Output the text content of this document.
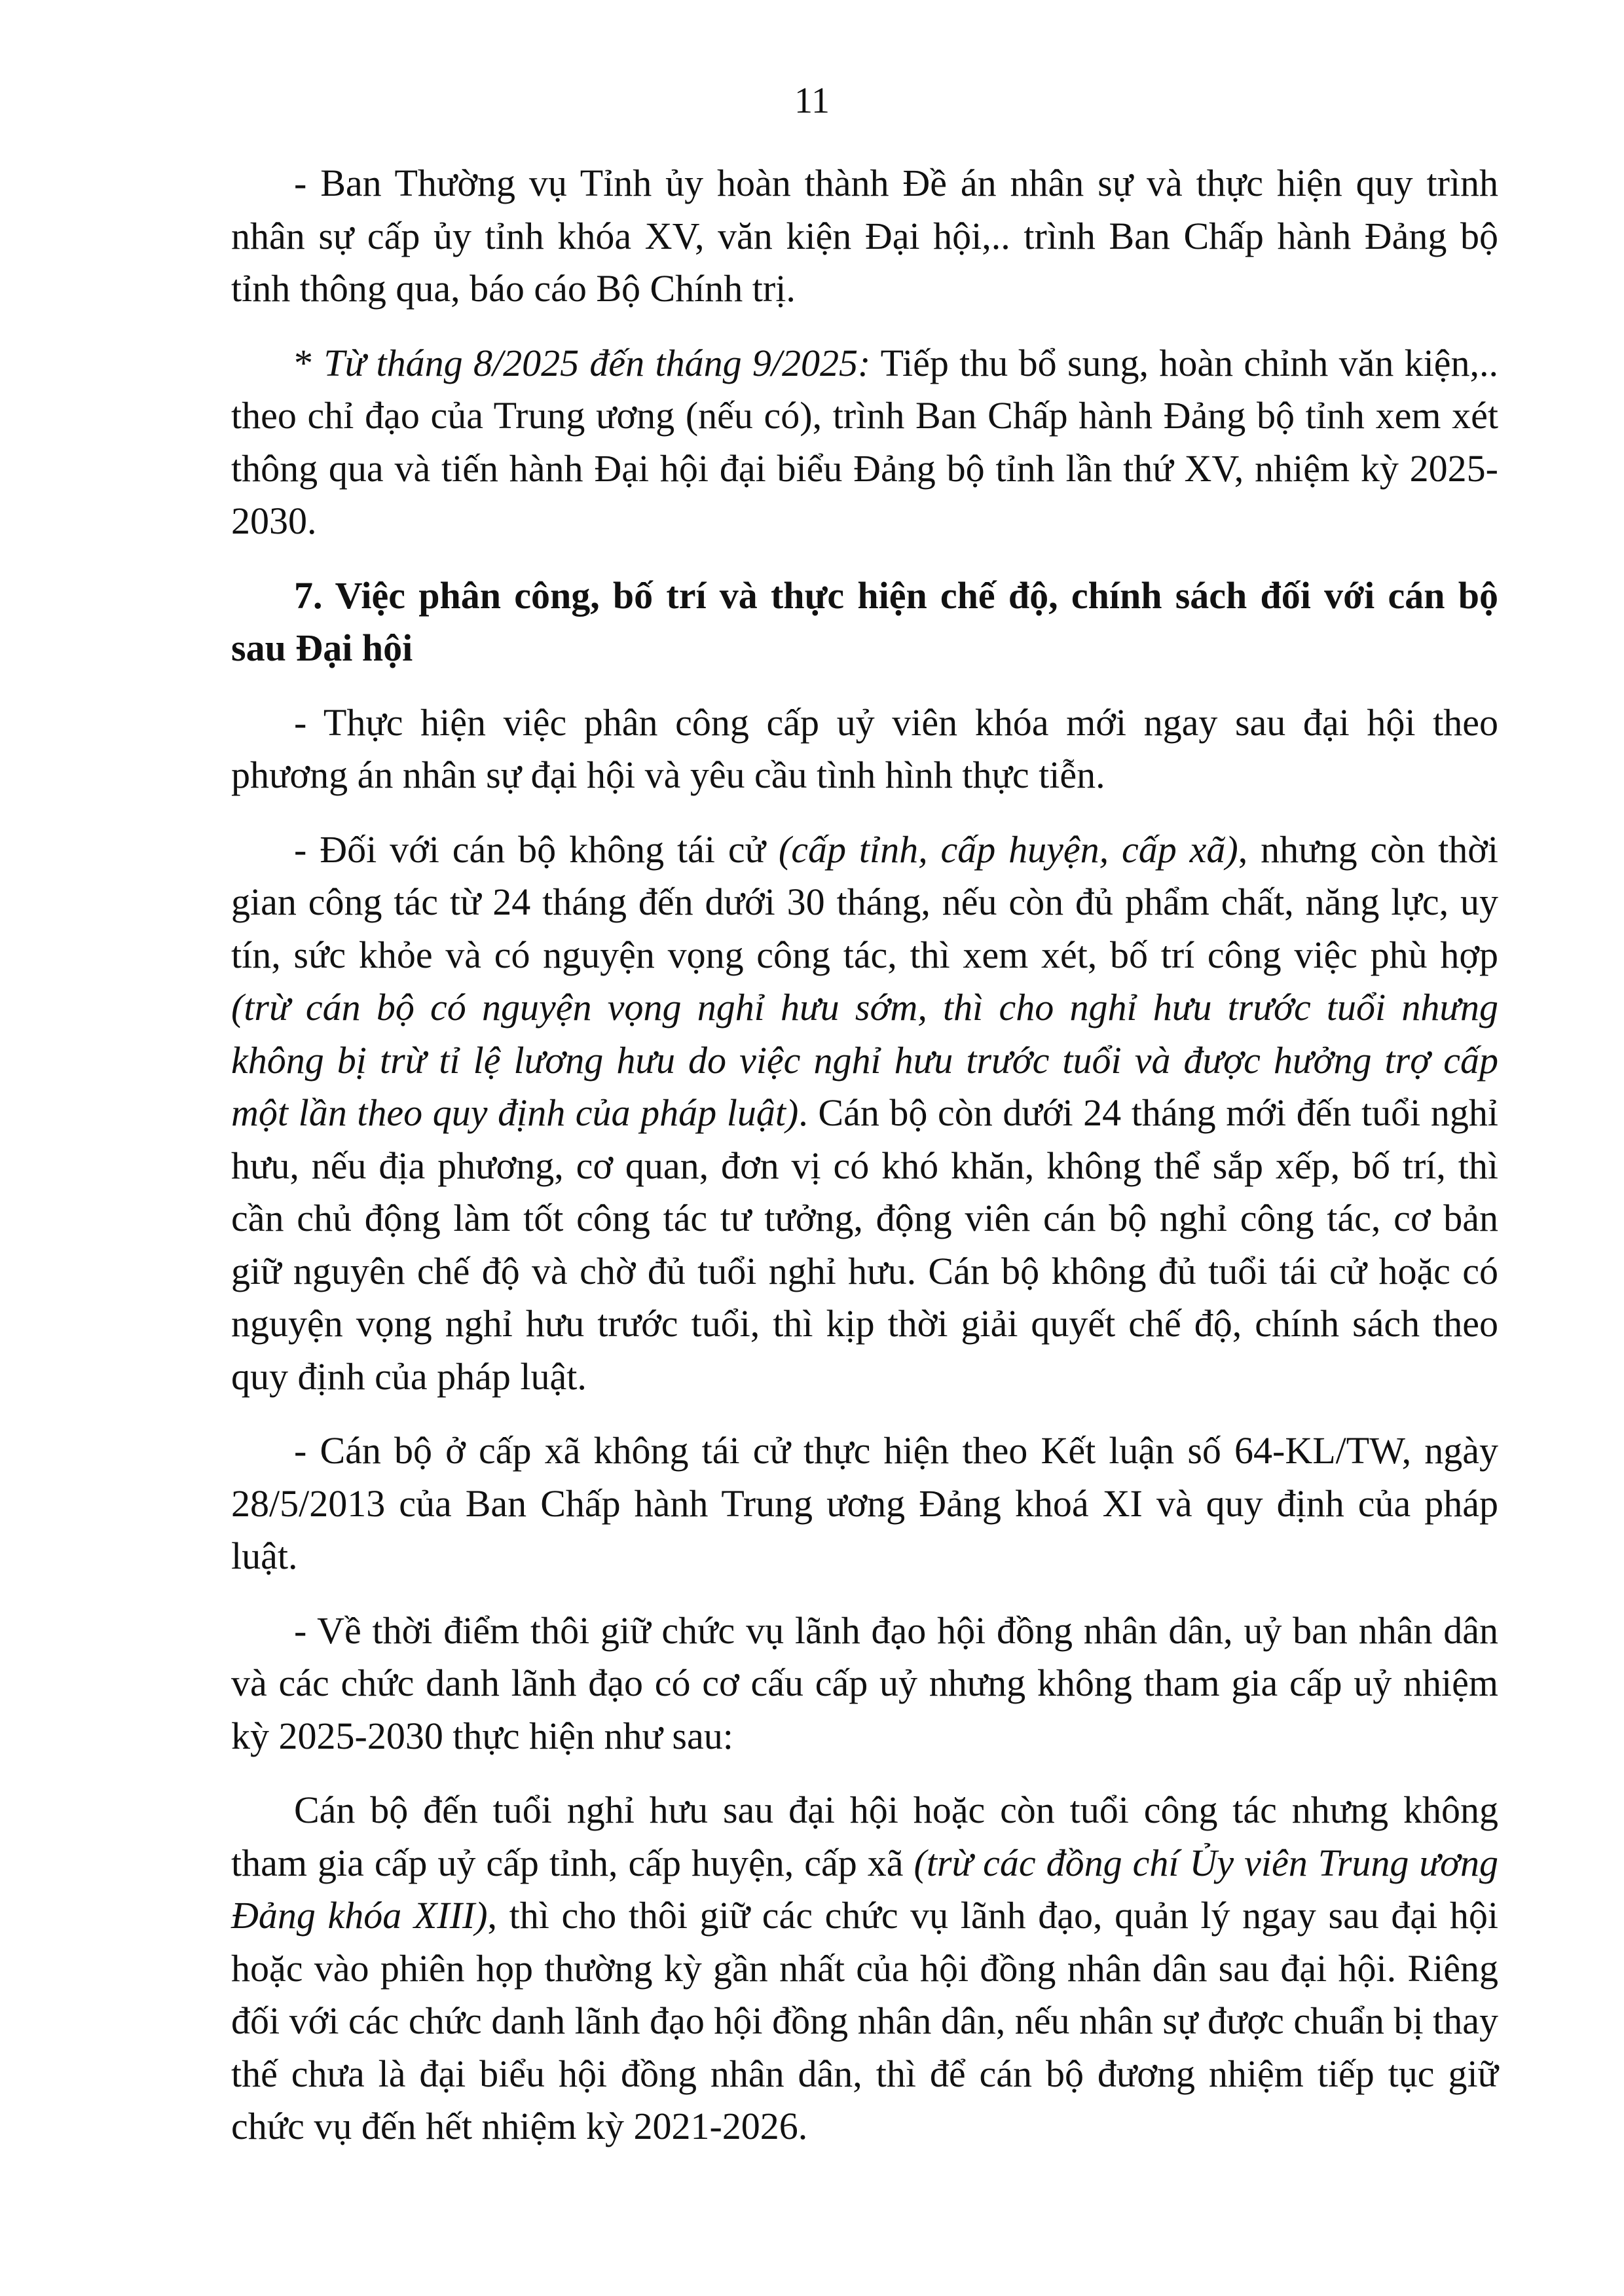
11

- Ban Thường vụ Tỉnh ủy hoàn thành Đề án nhân sự và thực hiện quy trình nhân sự cấp ủy tỉnh khóa XV, văn kiện Đại hội,.. trình Ban Chấp hành Đảng bộ tỉnh thông qua, báo cáo Bộ Chính trị.

* Từ tháng 8/2025 đến tháng 9/2025: Tiếp thu bổ sung, hoàn chỉnh văn kiện,.. theo chỉ đạo của Trung ương (nếu có), trình Ban Chấp hành Đảng bộ tỉnh xem xét thông qua và tiến hành Đại hội đại biểu Đảng bộ tỉnh lần thứ XV, nhiệm kỳ 2025-2030.

7. Việc phân công, bố trí và thực hiện chế độ, chính sách đối với cán bộ sau Đại hội

- Thực hiện việc phân công cấp uỷ viên khóa mới ngay sau đại hội theo phương án nhân sự đại hội và yêu cầu tình hình thực tiễn.

- Đối với cán bộ không tái cử (cấp tỉnh, cấp huyện, cấp xã), nhưng còn thời gian công tác từ 24 tháng đến dưới 30 tháng, nếu còn đủ phẩm chất, năng lực, uy tín, sức khỏe và có nguyện vọng công tác, thì xem xét, bố trí công việc phù hợp (trừ cán bộ có nguyện vọng nghỉ hưu sớm, thì cho nghỉ hưu trước tuổi nhưng không bị trừ tỉ lệ lương hưu do việc nghỉ hưu trước tuổi và được hưởng trợ cấp một lần theo quy định của pháp luật). Cán bộ còn dưới 24 tháng mới đến tuổi nghỉ hưu, nếu địa phương, cơ quan, đơn vị có khó khăn, không thể sắp xếp, bố trí, thì cần chủ động làm tốt công tác tư tưởng, động viên cán bộ nghỉ công tác, cơ bản giữ nguyên chế độ và chờ đủ tuổi nghỉ hưu. Cán bộ không đủ tuổi tái cử hoặc có nguyện vọng nghỉ hưu trước tuổi, thì kịp thời giải quyết chế độ, chính sách theo quy định của pháp luật.

- Cán bộ ở cấp xã không tái cử thực hiện theo Kết luận số 64-KL/TW, ngày 28/5/2013 của Ban Chấp hành Trung ương Đảng khoá XI và quy định của pháp luật.

- Về thời điểm thôi giữ chức vụ lãnh đạo hội đồng nhân dân, uỷ ban nhân dân và các chức danh lãnh đạo có cơ cấu cấp uỷ nhưng không tham gia cấp uỷ nhiệm kỳ 2025-2030 thực hiện như sau:

Cán bộ đến tuổi nghỉ hưu sau đại hội hoặc còn tuổi công tác nhưng không tham gia cấp uỷ cấp tỉnh, cấp huyện, cấp xã (trừ các đồng chí Ủy viên Trung ương Đảng khóa XIII), thì cho thôi giữ các chức vụ lãnh đạo, quản lý ngay sau đại hội hoặc vào phiên họp thường kỳ gần nhất của hội đồng nhân dân sau đại hội. Riêng đối với các chức danh lãnh đạo hội đồng nhân dân, nếu nhân sự được chuẩn bị thay thế chưa là đại biểu hội đồng nhân dân, thì để cán bộ đương nhiệm tiếp tục giữ chức vụ đến hết nhiệm kỳ 2021-2026.
